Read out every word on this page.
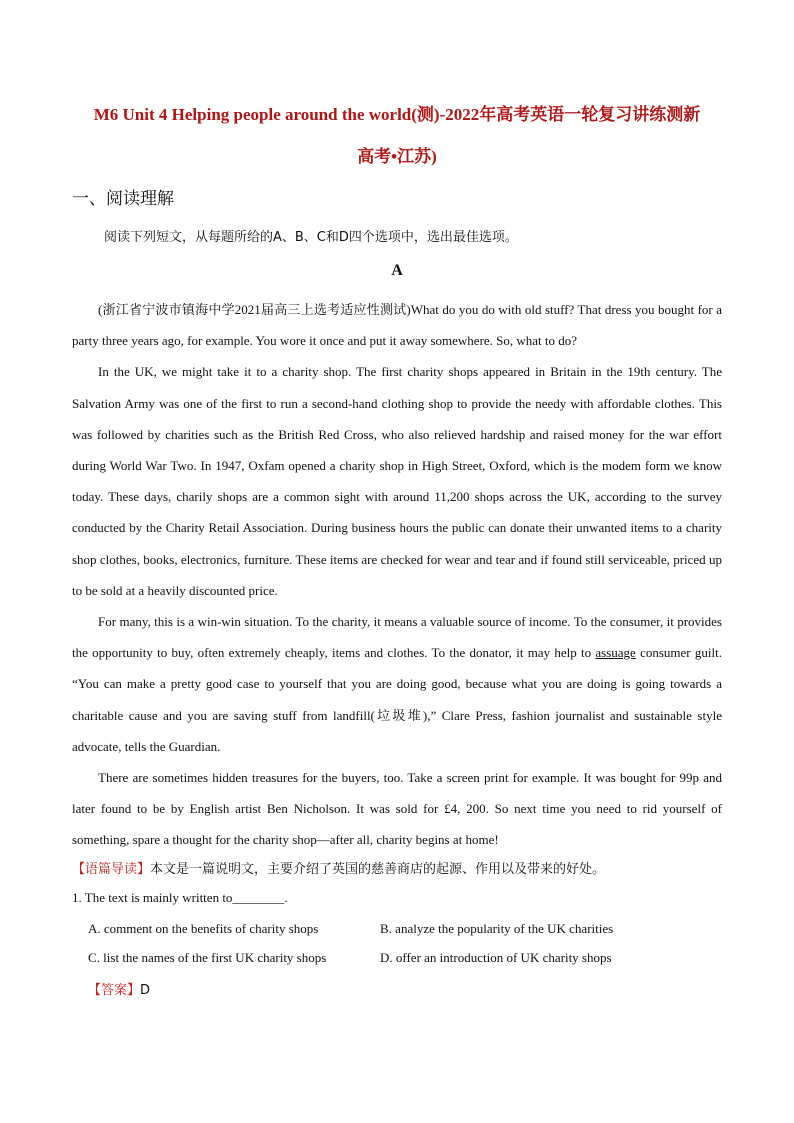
M6 Unit 4 Helping people around the world(测)-2022年高考英语一轮复习讲练测新
高考•江苏)
一、阅读理解
阅读下列短文，从每题所给的A、B、C和D四个选项中，选出最佳选项。
A

(浙江省宁波市镇海中学2021届高三上选考适应性测试)What do you do with old stuff? That dress you bought for a party three years ago, for example. You wore it once and put it away somewhere. So, what to do?

In the UK, we might take it to a charity shop. The first charity shops appeared in Britain in the 19th century. The Salvation Army was one of the first to run a second-hand clothing shop to provide the needy with affordable clothes. This was followed by charities such as the British Red Cross, who also relieved hardship and raised money for the war effort during World War Two. In 1947, Oxfam opened a charity shop in High Street, Oxford, which is the modem form we know today. These days, charily shops are a common sight with around 11,200 shops across the UK, according to the survey conducted by the Charity Retail Association. During business hours the public can donate their unwanted items to a charity shop clothes, books, electronics, furniture. These items are checked for wear and tear and if found still serviceable, priced up to be sold at a heavily discounted price.

For many, this is a win-win situation. To the charity, it means a valuable source of income. To the consumer, it provides the opportunity to buy, often extremely cheaply, items and clothes. To the donator, it may help to assuage consumer guilt. “You can make a pretty good case to yourself that you are doing good, because what you are doing is going towards a charitable cause and you are saving stuff from landfill(垃圾堆),” Clare Press, fashion journalist and sustainable style advocate, tells the Guardian.

There are sometimes hidden treasures for the buyers, too. Take a screen print for example. It was bought for 99p and later found to be by English artist Ben Nicholson. It was sold for £4, 200. So next time you need to rid yourself of something, spare a thought for the charity shop—after all, charity begins at home!

【语篇导读】本文是一篇说明文，主要介绍了英国的慈善商店的起源、作用以及带来的好处。
1. The text is mainly written to________.
A. comment on the benefits of charity shops	B. analyze the popularity of the UK charities
C. list the names of the first UK charity shops	D. offer an introduction of UK charity shops
【答案】D
